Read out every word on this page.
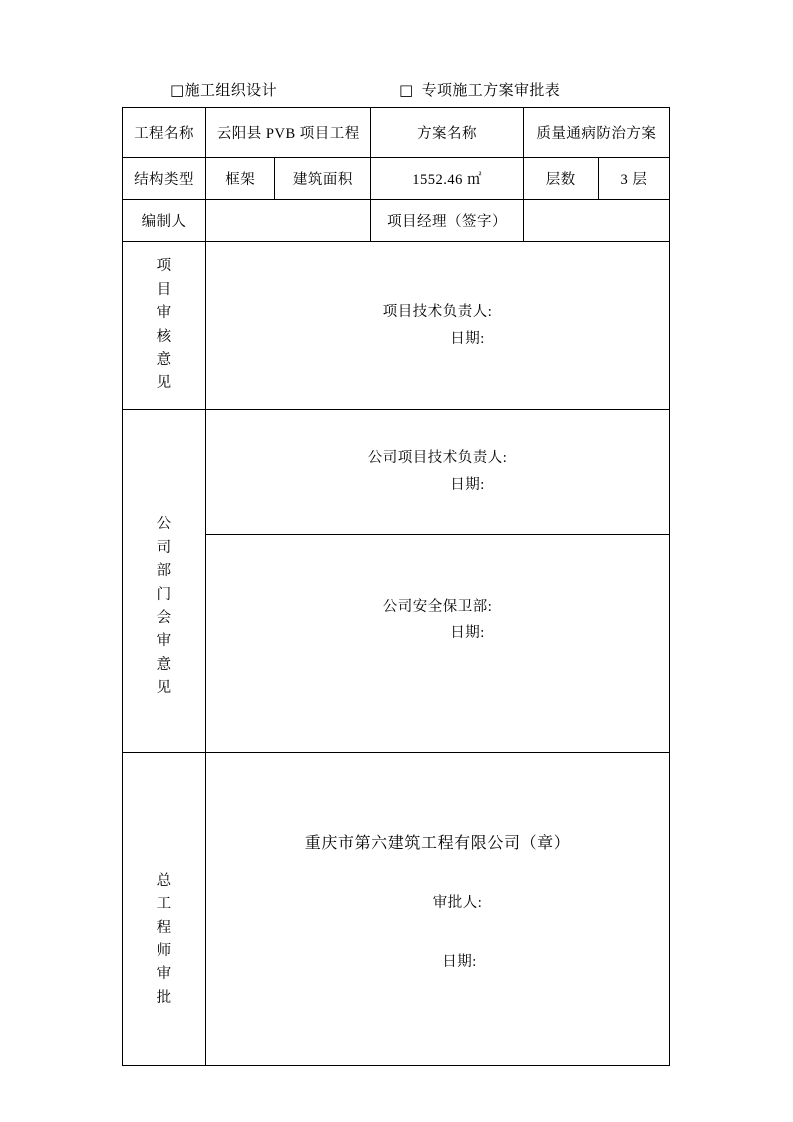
□ 施工组织设计	□ 专项施工方案审批表
工程名称	云阳县 PVB 项目工程		方案名称	质量通病防治方案	
结构类型	框架	建筑面积	1552.46 ㎡	层数	3 层
编制人			项目经理（签字）		

项
目
审
核
意
见

项目技术负责人:
日期:

公
司
部
门
会
审
意
见

公司项目技术负责人:
日期:

	公司安全保卫部:
日期:				

总
工
程
师
审
批

重庆市第六建筑工程有限公司（章）
审批人:
日期:
